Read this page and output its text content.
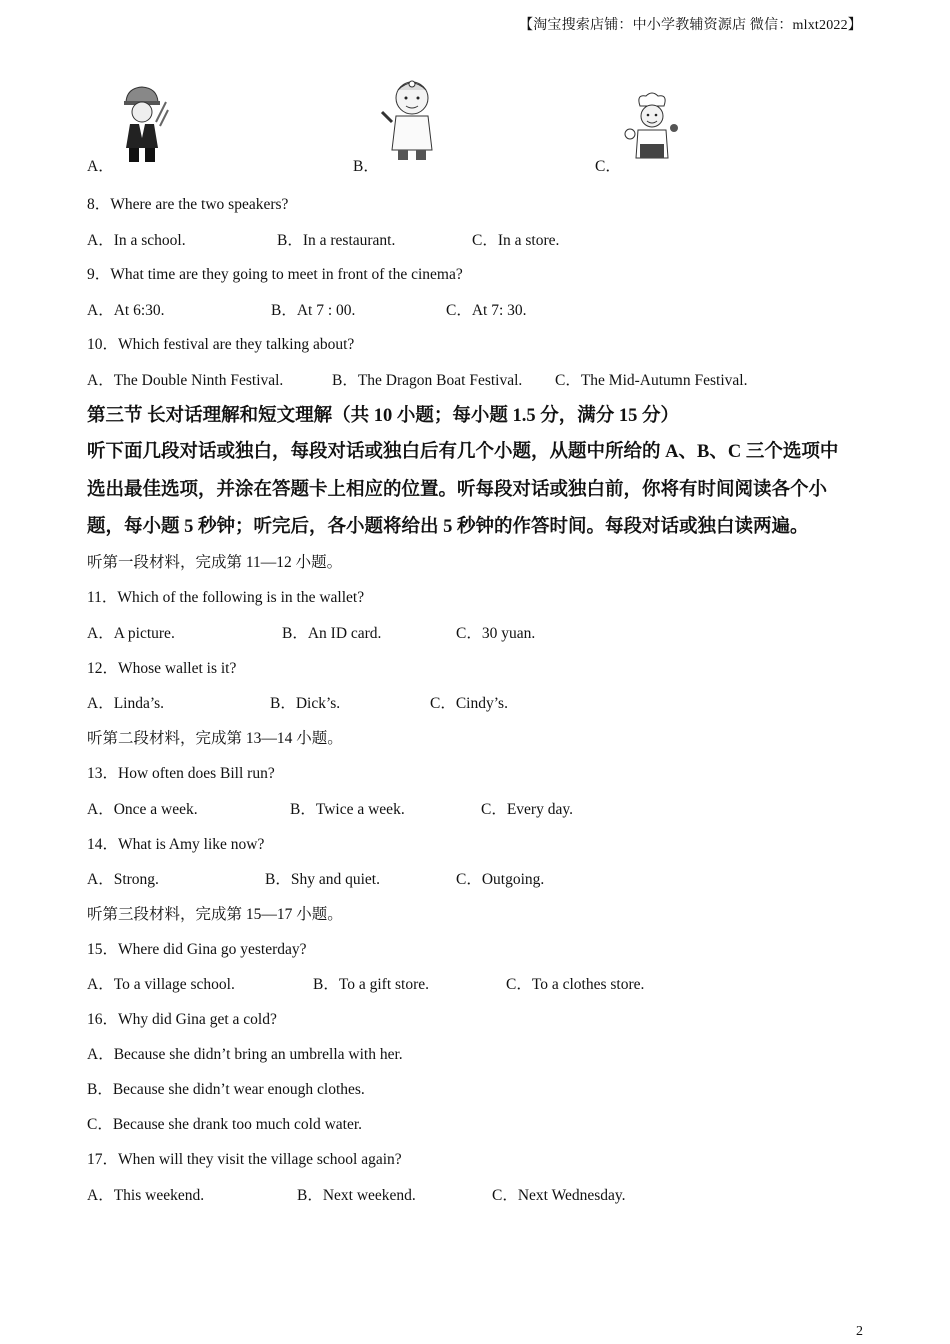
【淘宝搜索店铺：中小学教辅资源店 微信：mlxt2022】
A．	B．	C．
8．Where are the two speakers?
A．In a school.	B．In a restaurant.	C．In a store.
9．What time are they going to meet in front of the cinema?
A．At 6:30.	B．At 7 : 00.	C．At 7: 30.
10．Which festival are they talking about?
A．The Double Ninth Festival.	B．The Dragon Boat Festival. C．The Mid-Autumn Festival.
第三节 长对话理解和短文理解（共 10 小题；每小题 1.5 分，满分 15 分）
听下面几段对话或独白，每段对话或独白后有几个小题，从题中所给的 A、B、C 三个选项中
选出最佳选项，并涂在答题卡上相应的位置。听每段对话或独白前，你将有时间阅读各个小
题，每小题 5 秒钟；听完后，各小题将给出 5 秒钟的作答时间。每段对话或独白读两遍。
听第一段材料，完成第 11—12 小题。
11．Which of the following is in the wallet?
A．A picture.	B．An ID card.	C．30 yuan.
12．Whose wallet is it?
A．Linda’s.	B．Dick’s.	C．Cindy’s.
听第二段材料，完成第 13—14 小题。
13．How often does Bill run?
A．Once a week.	B．Twice a week.	C．Every day.
14．What is Amy like now?
A．Strong.	B．Shy and quiet.	C．Outgoing.
听第三段材料，完成第 15—17 小题。
15．Where did Gina go yesterday?
A．To a village school.	B．To a gift store.	C．To a clothes store.
16．Why did Gina get a cold?
A．Because she didn’t bring an umbrella with her.
B．Because she didn’t wear enough clothes.
C．Because she drank too much cold water.
17．When will they visit the village school again?
A．This weekend.	B．Next weekend.	C．Next Wednesday.
2
